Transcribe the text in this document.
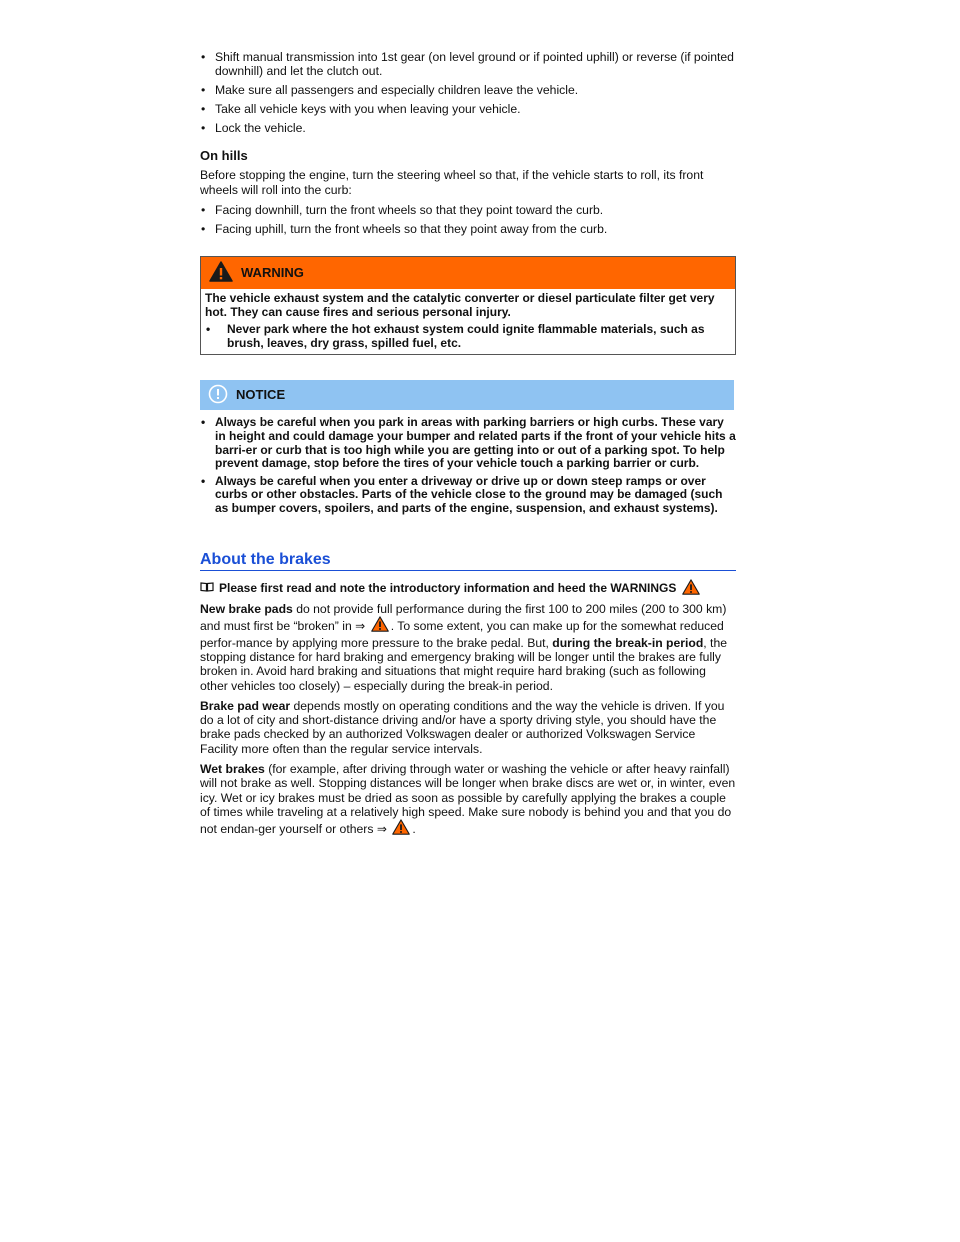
• Shift manual transmission into 1st gear (on level ground or if pointed uphill) or reverse (if pointed downhill) and let the clutch out.
• Make sure all passengers and especially children leave the vehicle.
• Take all vehicle keys with you when leaving your vehicle.
• Lock the vehicle.
On hills

Before stopping the engine, turn the steering wheel so that, if the vehicle starts to roll, its front wheels will roll into the curb:

• Facing downhill, turn the front wheels so that they point toward the curb.
• Facing uphill, turn the front wheels so that they point away from the curb.
WARNING

The vehicle exhaust system and the catalytic converter or diesel particulate filter get very hot. They can cause fires and serious personal injury.

• Never park where the hot exhaust system could ignite flammable materials, such as brush, leaves, dry grass, spilled fuel, etc.
NOTICE
• Always be careful when you park in areas with parking barriers or high curbs. These vary in height and could damage your bumper and related parts if the front of your vehicle hits a barri-er or curb that is too high while you are getting into or out of a parking spot. To help prevent damage, stop before the tires of your vehicle touch a parking barrier or curb.
• Always be careful when you enter a driveway or drive up or down steep ramps or over curbs or other obstacles. Parts of the vehicle close to the ground may be damaged (such as bumper covers, spoilers, and parts of the engine, suspension, and exhaust systems).
About the brakes
Please first read and note the introductory information and heed the WARNINGS

New brake pads do not provide full performance during the first 100 to 200 miles (200 to 300 km) and must first be “broken” in ⇒ . To some extent, you can make up for the somewhat reduced perfor-mance by applying more pressure to the brake pedal. But, during the break-in period, the stopping distance for hard braking and emergency braking will be longer until the brakes are fully broken in. Avoid hard braking and situations that might require hard braking (such as following other vehicles too closely) – especially during the break-in period.

Brake pad wear depends mostly on operating conditions and the way the vehicle is driven. If you do a lot of city and short-distance driving and/or have a sporty driving style, you should have the brake pads checked by an authorized Volkswagen dealer or authorized Volkswagen Service Facility more often than the regular service intervals.

Wet brakes (for example, after driving through water or washing the vehicle or after heavy rainfall) will not brake as well. Stopping distances will be longer when brake discs are wet or, in winter, even icy. Wet or icy brakes must be dried as soon as possible by carefully applying the brakes a couple of times while traveling at a relatively high speed. Make sure nobody is behind you and that you do not endan-ger yourself or others ⇒ .
